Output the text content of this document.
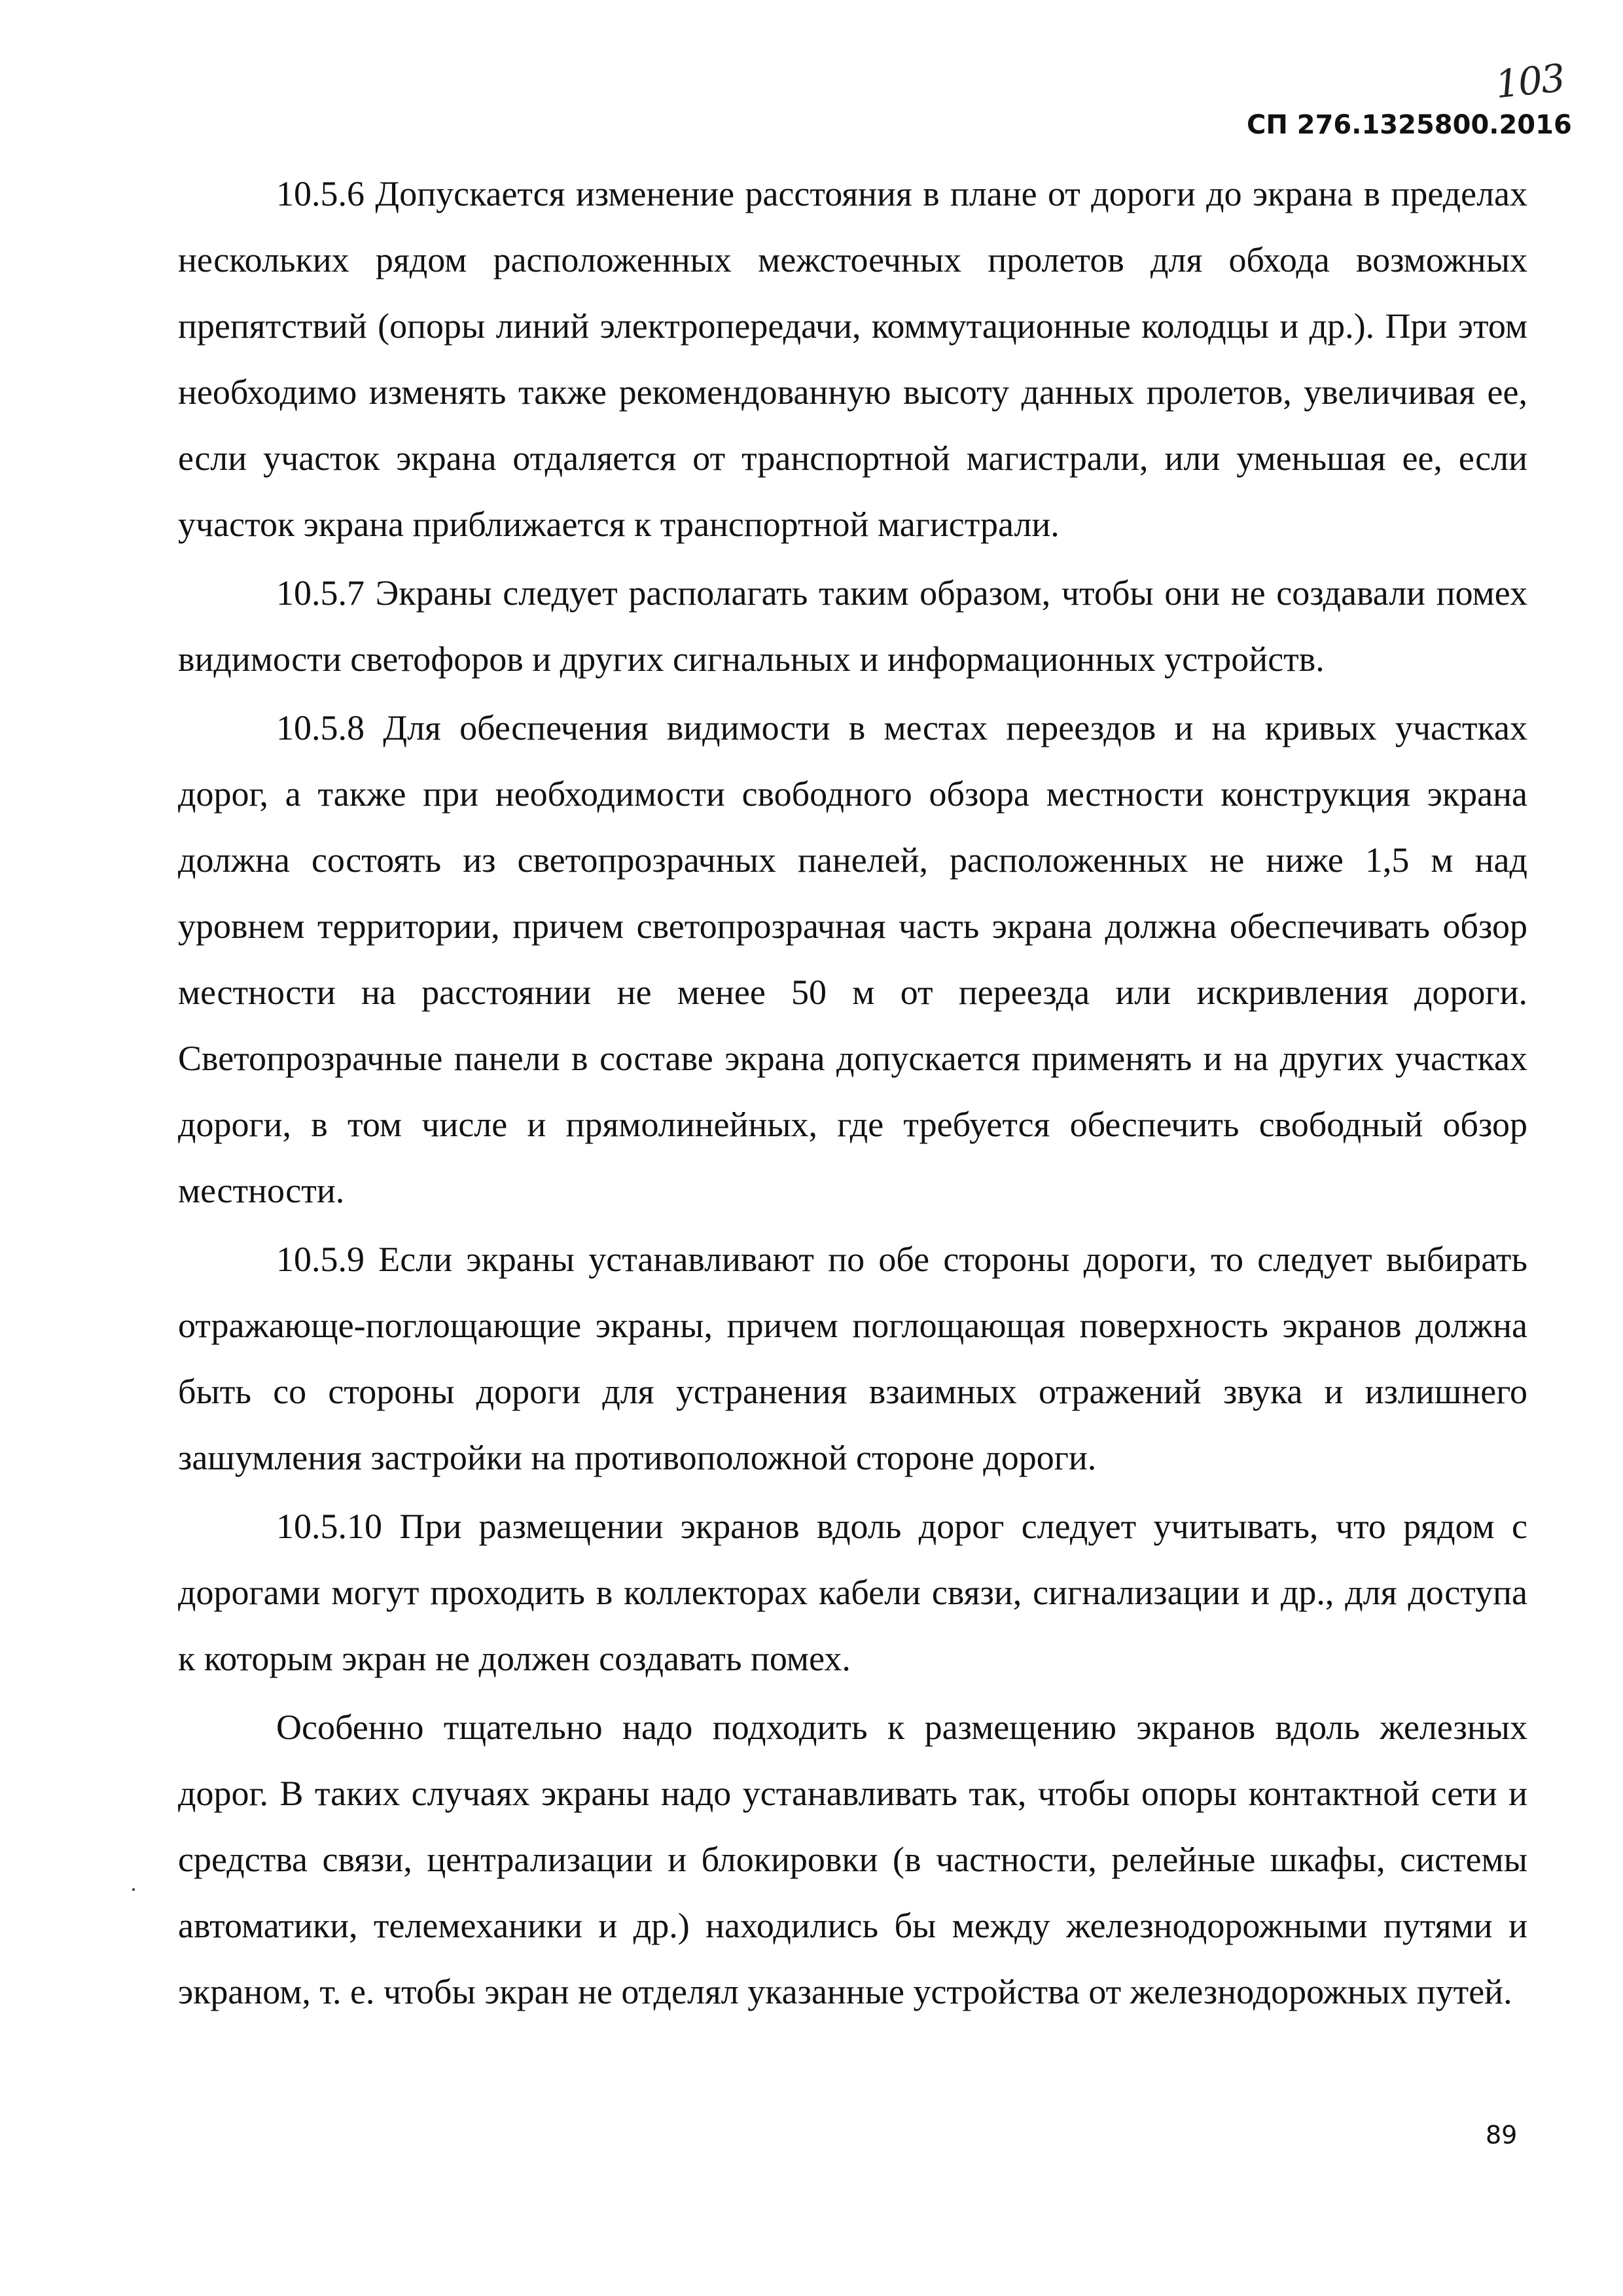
103
СП 276.1325800.2016

10.5.6 Допускается изменение расстояния в плане от дороги до экрана в пределах нескольких рядом расположенных межстоечных пролетов для обхода возможных препятствий (опоры линий электропередачи, коммутационные колодцы и др.). При этом необходимо изменять также рекомендованную высоту данных пролетов, увеличивая ее, если участок экрана отдаляется от транспортной магистрали, или уменьшая ее, если участок экрана приближается к транспортной магистрали.

10.5.7 Экраны следует располагать таким образом, чтобы они не создавали помех видимости светофоров и других сигнальных и информационных устройств.

10.5.8 Для обеспечения видимости в местах переездов и на кривых участках дорог, а также при необходимости свободного обзора местности конструкция экрана должна состоять из светопрозрачных панелей, расположенных не ниже 1,5 м над уровнем территории, причем светопрозрачная часть экрана должна обеспечивать обзор местности на расстоянии не менее 50 м от переезда или искривления дороги. Светопрозрачные панели в составе экрана допускается применять и на других участках дороги, в том числе и прямолинейных, где требуется обеспечить свободный обзор местности.

10.5.9 Если экраны устанавливают по обе стороны дороги, то следует выбирать отражающе-поглощающие экраны, причем поглощающая поверхность экранов должна быть со стороны дороги для устранения взаимных отражений звука и излишнего зашумления застройки на противоположной стороне дороги.

10.5.10 При размещении экранов вдоль дорог следует учитывать, что рядом с дорогами могут проходить в коллекторах кабели связи, сигнализации и др., для доступа к которым экран не должен создавать помех.

Особенно тщательно надо подходить к размещению экранов вдоль железных дорог. В таких случаях экраны надо устанавливать так, чтобы опоры контактной сети и средства связи, централизации и блокировки (в частности, релейные шкафы, системы автоматики, телемеханики и др.) находились бы между железнодорожными путями и экраном, т. е. чтобы экран не отделял указанные устройства от железнодорожных путей.

89
